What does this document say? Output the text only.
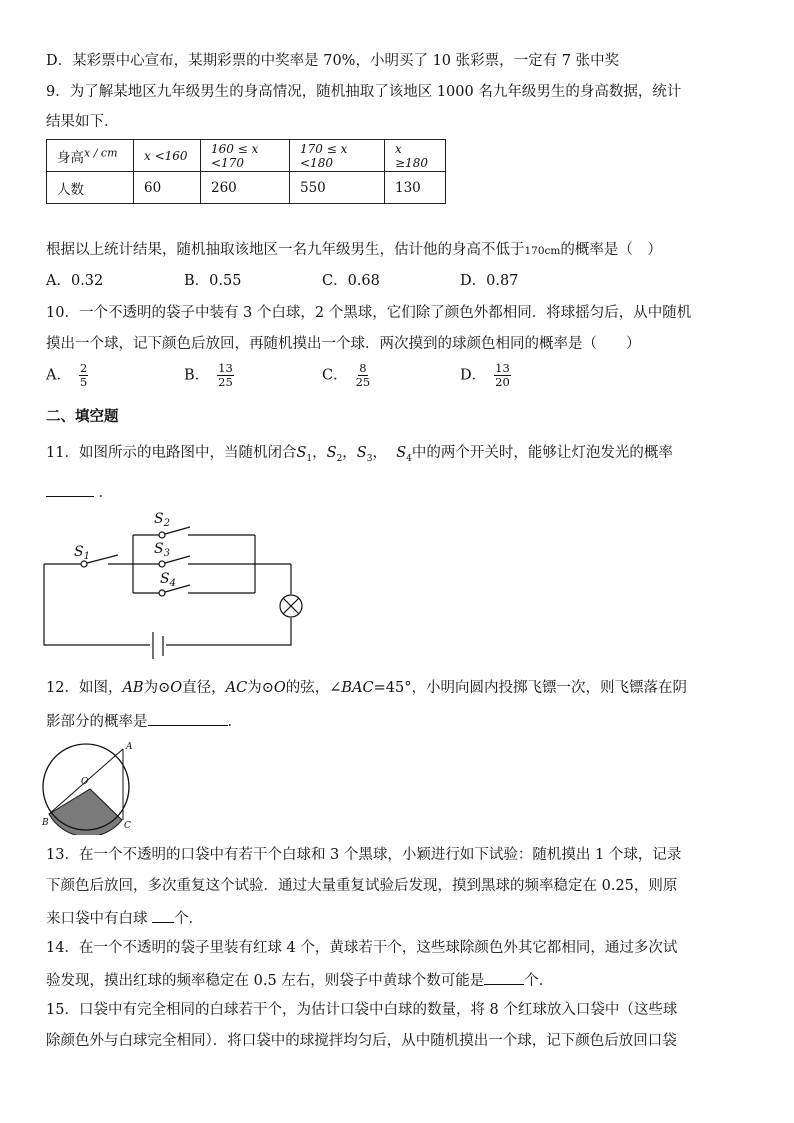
D．某彩票中心宣布，某期彩票的中奖率是 70%，小明买了 10 张彩票，一定有 7 张中奖
9．为了解某地区九年级男生的身高情况，随机抽取了该地区 1000 名九年级男生的身高数据，统计
结果如下．
身高$^{x / cm}$	x <160	160 ≤ x <170	170 ≤ x <180	x ≥180
人数	60	260	550	130
根据以上统计结果，随机抽取该地区一名九年级男生，估计他的身高不低于170cm的概率是（　）
A．0.32	B．0.55	C．0.68	D．0.87
10．一个不透明的袋子中装有 3 个白球，2 个黑球，它们除了颜色外都相同．将球摇匀后，从中随机
摸出一个球，记下颜色后放回，再随机摸出一个球．两次摸到的球颜色相同的概率是（　　）
A． $\frac{2}{5}$	B． $\frac{13}{25}$	C． $\frac{8}{25}$	D． $\frac{13}{20}$
二、填空题
11．如图所示的电路图中，当随机闭合$S_1$，$S_2$，$S_3$， $S_4$中的两个开关时，能够让灯泡发光的概率
．
$S_1$
$S_2$
$S_3$
$S_4$
12．如图，AB为⊙O直径，AC为⊙O的弦，∠BAC=45°，小明向圆内投掷飞镖一次，则飞镖落在阴
影部分的概率是	．
A
B	C
O
13．在一个不透明的口袋中有若干个白球和 3 个黑球，小颖进行如下试验：随机摸出 1 个球，记录
下颜色后放回，多次重复这个试验．通过大量重复试验后发现，摸到黑球的频率稳定在 0.25，则原
来口袋中有白球 个．
14．在一个不透明的袋子里装有红球 4 个，黄球若干个，这些球除颜色外其它都相同，通过多次试
验发现，摸出红球的频率稳定在 0.5 左右，则袋子中黄球个数可能是	个．
15．口袋中有完全相同的白球若干个，为估计口袋中白球的数量，将 8 个红球放入口袋中（这些球
除颜色外与白球完全相同）．将口袋中的球搅拌均匀后，从中随机摸出一个球，记下颜色后放回口袋
